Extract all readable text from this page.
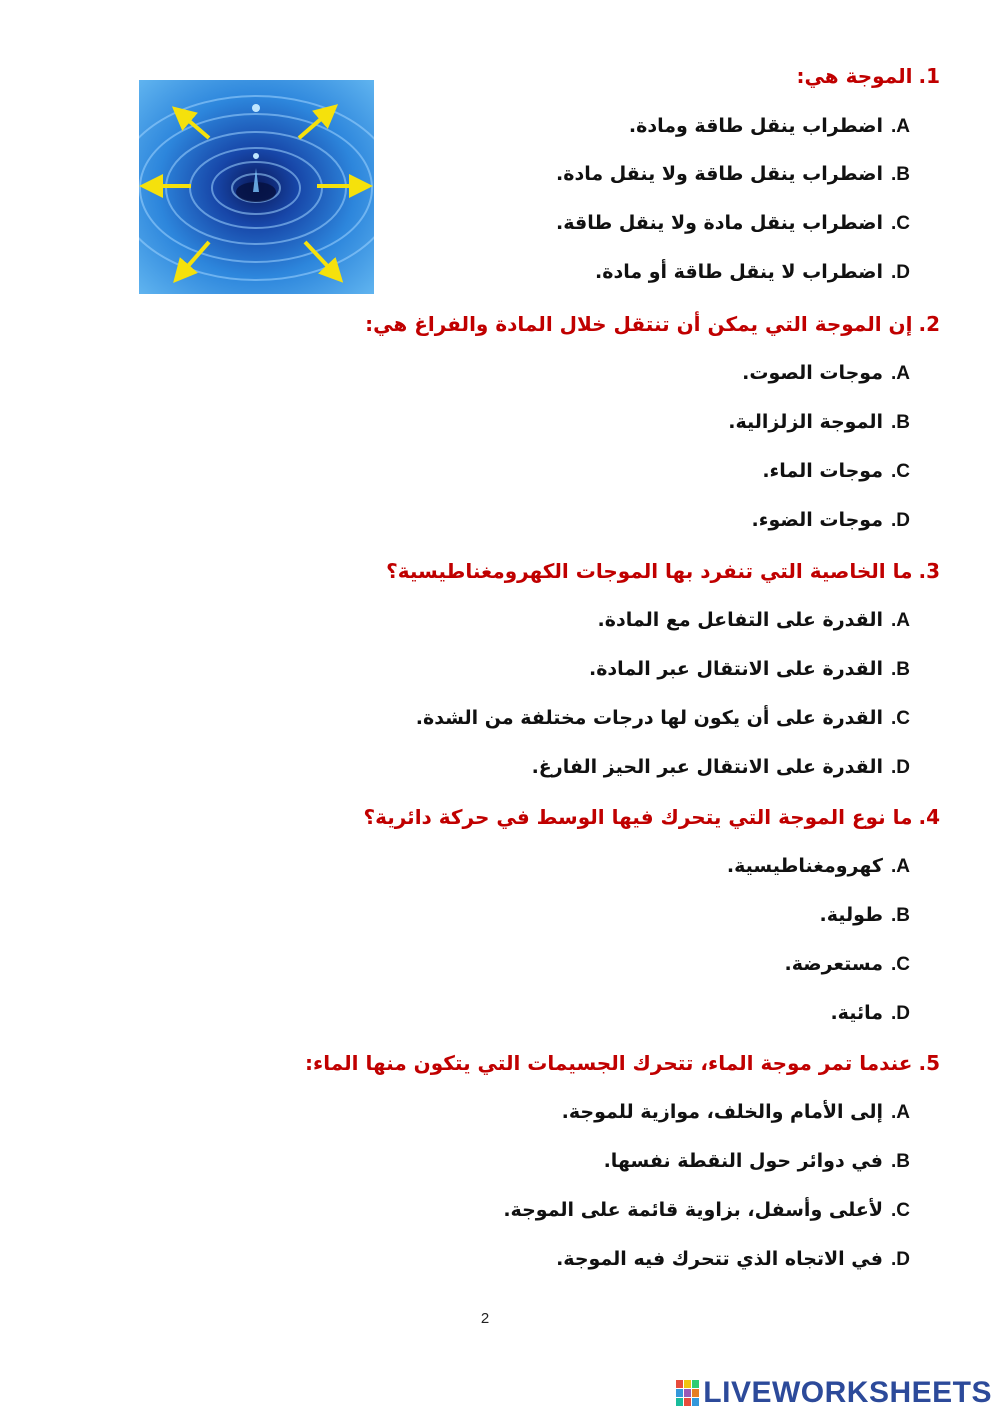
1.الموجة هي:
A.اضطراب ينقل طاقة ومادة.
B.اضطراب ينقل طاقة ولا ينقل مادة.
C.اضطراب ينقل مادة ولا ينقل طاقة.
D.اضطراب لا ينقل طاقة أو مادة.
2.إن الموجة التي يمكن أن تنتقل خلال المادة والفراغ هي:
A.موجات الصوت.
B.الموجة الزلزالية.
C.موجات الماء.
D.موجات الضوء.
3.ما الخاصية التي تنفرد بها الموجات الكهرومغناطيسية؟
A.القدرة على التفاعل مع المادة.
B.القدرة على الانتقال عبر المادة.
C.القدرة على أن يكون لها درجات مختلفة من الشدة.
D.القدرة على الانتقال عبر الحيز الفارغ.
4.ما نوع الموجة التي يتحرك فيها الوسط في حركة دائرية؟
A.كهرومغناطيسية.
B.طولية.
C.مستعرضة.
D.مائية.
5.عندما تمر موجة الماء، تتحرك الجسيمات التي يتكون منها الماء:
A.إلى الأمام والخلف، موازية للموجة.
B.في دوائر حول النقطة نفسها.
C.لأعلى وأسفل، بزاوية قائمة على الموجة.
D.في الاتجاه الذي تتحرك فيه الموجة.
2
LIVEWORKSHEETS
